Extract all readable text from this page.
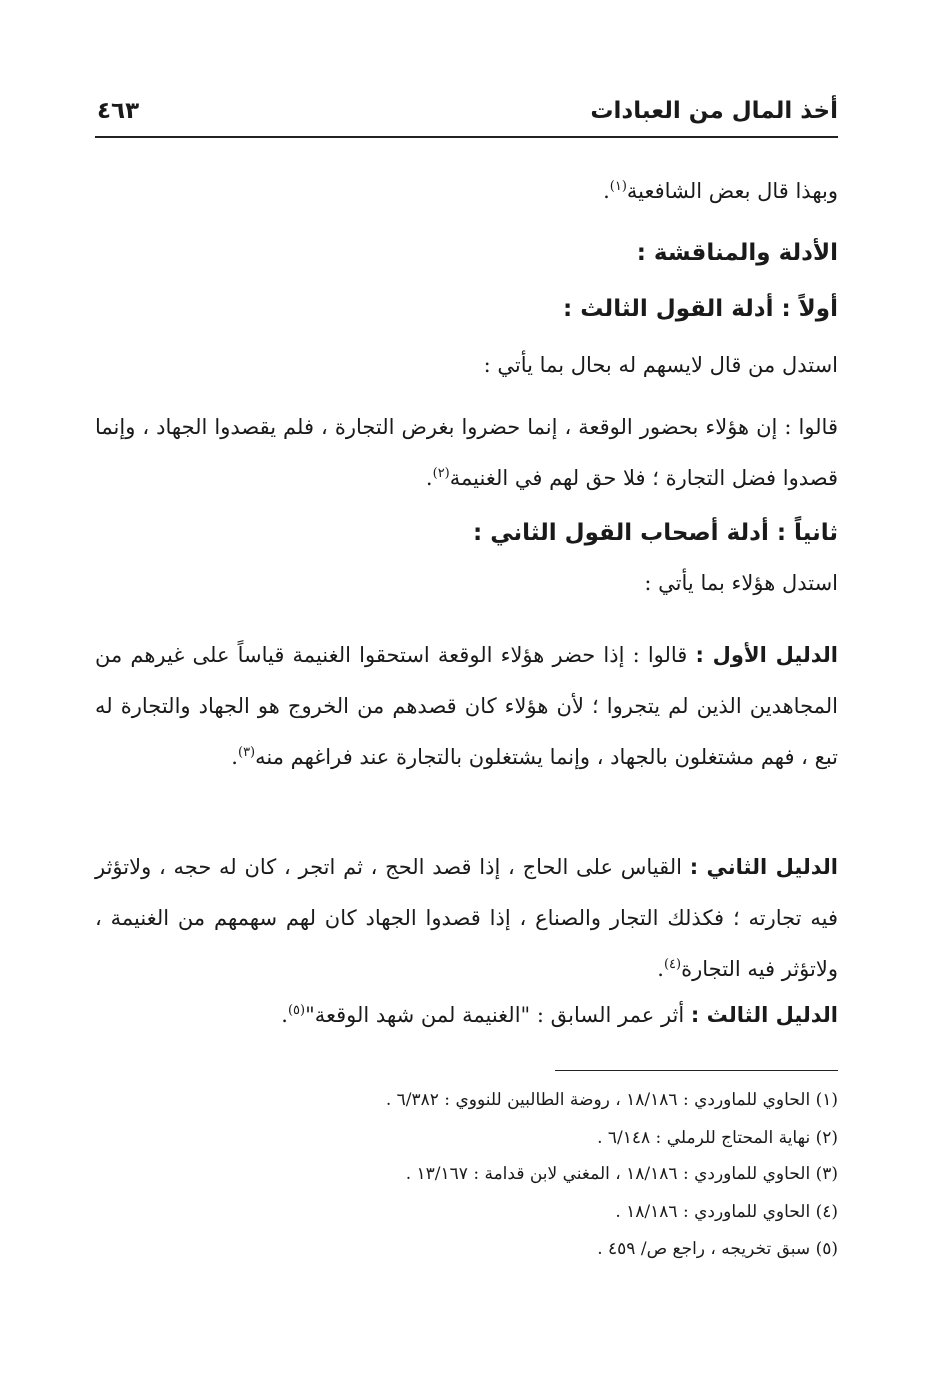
أخذ المال من العبادات
٤٦٣
وبهذا قال بعض الشافعية$^{(١)}$.
الأدلة والمناقشة :
أولاً : أدلة القول الثالث :
استدل من قال لايسهم له بحال بما يأتي :
قالوا : إن هؤلاء بحضور الوقعة ، إنما حضروا بغرض التجارة ، فلم يقصدوا الجهاد ، وإنما قصدوا فضل التجارة ؛ فلا حق لهم في الغنيمة$^{(٢)}$.
ثانياً : أدلة أصحاب القول الثاني :
استدل هؤلاء بما يأتي :
الدليل الأول : قالوا : إذا حضر هؤلاء الوقعة استحقوا الغنيمة قياساً على غيرهم من المجاهدين الذين لم يتجروا ؛ لأن هؤلاء كان قصدهم من الخروج هو الجهاد والتجارة له تبع ، فهم مشتغلون بالجهاد ، وإنما يشتغلون بالتجارة عند فراغهم منه$^{(٣)}$.
الدليل الثاني : القياس على الحاج ، إذا قصد الحج ، ثم اتجر ، كان له حجه ، ولاتؤثر فيه تجارته ؛ فكذلك التجار والصناع ، إذا قصدوا الجهاد كان لهم سهمهم من الغنيمة ، ولاتؤثر فيه التجارة$^{(٤)}$.
الدليل الثالث : أثر عمر السابق : "الغنيمة لمن شهد الوقعة"$^{(٥)}$.
(١) الحاوي للماوردي : ١٨/١٨٦ ، روضة الطالبين للنووي : ٦/٣٨٢ .
(٢) نهاية المحتاج للرملي : ٦/١٤٨ .
(٣) الحاوي للماوردي : ١٨/١٨٦ ، المغني لابن قدامة : ١٣/١٦٧ .
(٤) الحاوي للماوردي : ١٨/١٨٦ .
(٥) سبق تخريجه ، راجع ص/ ٤٥٩ .
